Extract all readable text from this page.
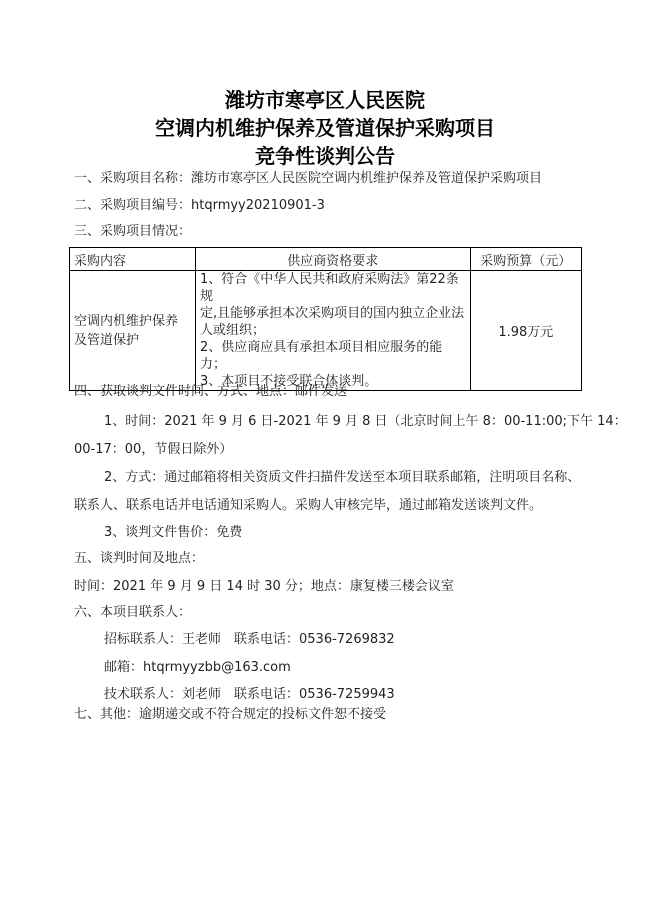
潍坊市寒亭区人民医院
空调内机维护保养及管道保护采购项目
竞争性谈判公告
一、采购项目名称：潍坊市寒亭区人民医院空调内机维护保养及管道保护采购项目
二、采购项目编号：htqrmyy20210901-3
三、采购项目情况：
采购内容	供应商资格要求	采购预算（元）

空调内机维护保养
及管道保护	1、符合《中华人民共和政府采购法》第22条规
定,且能够承担本次采购项目的国内独立企业法
人或组织；
2、供应商应具有承担本项目相应服务的能力；
3、本项目不接受联合体谈判。	1.98万元
四、获取谈判文件时间、方式、地点：邮件发送
1、时间：2021 年 9 月 6 日-2021 年 9 月 8 日（北京时间上午 8：00-11:00;下午 14：
00-17：00，节假日除外）
2、方式：通过邮箱将相关资质文件扫描件发送至本项目联系邮箱，注明项目名称、
联系人、联系电话并电话通知采购人。采购人审核完毕，通过邮箱发送谈判文件。
3、谈判文件售价：免费
五、谈判时间及地点：
时间：2021 年 9 月 9 日 14 时 30 分；地点：康复楼三楼会议室
六、本项目联系人：
招标联系人：王老师　联系电话：0536-7269832
邮箱：htqrmyyzbb@163.com
技术联系人：刘老师　联系电话：0536-7259943
七、其他：逾期递交或不符合规定的投标文件恕不接受
